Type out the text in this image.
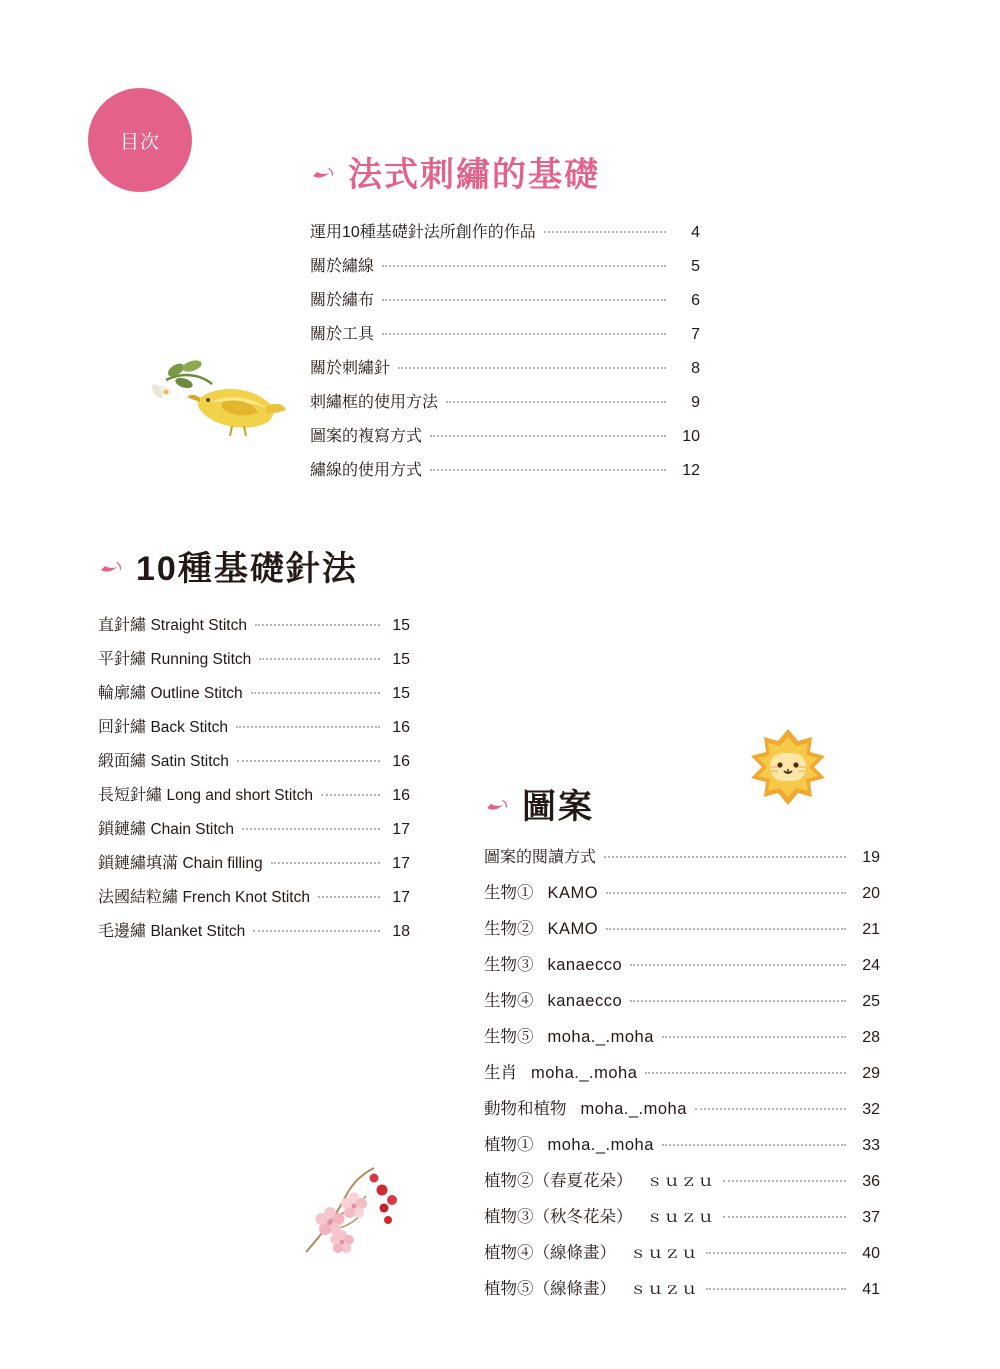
目次
法式刺繡的基礎
運用10種基礎針法所創作的作品	4
關於繡線	5
關於繡布	6
關於工具	7
關於刺繡針	8
刺繡框的使用方法	9
圖案的複寫方式	10
繡線的使用方式	12
10種基礎針法
直針繡 Straight Stitch	15
平針繡 Running Stitch	15
輪廓繡 Outline Stitch	15
回針繡 Back Stitch	16
緞面繡 Satin Stitch	16
長短針繡 Long and short Stitch	16
鎖鏈繡 Chain Stitch	17
鎖鏈繡填滿 Chain filling	17
法國結粒繡 French Knot Stitch	17
毛邊繡 Blanket Stitch	18
圖案
圖案的閱讀方式	19
生物① KAMO	20
生物② KAMO	21
生物③ kanaecco	24
生物④ kanaecco	25
生物⑤ moha._.moha	28
生肖 moha._.moha	29
動物和植物 moha._.moha	32
植物① moha._.moha	33
植物②（春夏花朵） ｓｕｚｕ	36
植物③（秋冬花朵） ｓｕｚｕ	37
植物④（線條畫） ｓｕｚｕ	40
植物⑤（線條畫） ｓｕｚｕ	41
